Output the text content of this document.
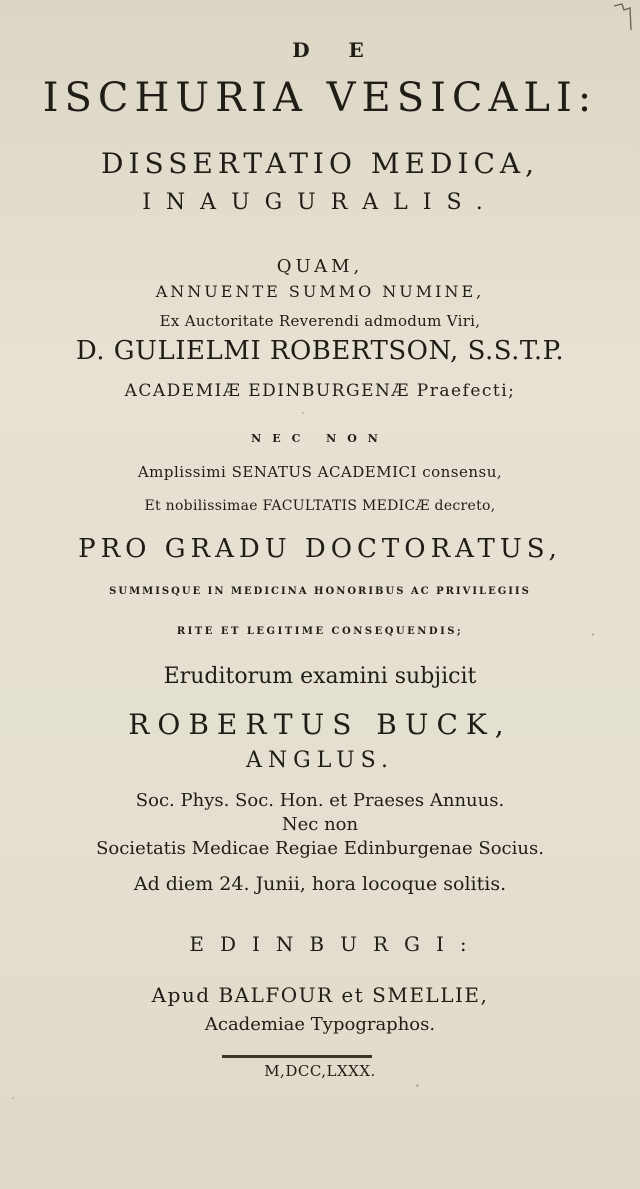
D E
ISCHURIA VESICALI:
DISSERTATIO MEDICA,
INAUGURALIS.
QUAM,
ANNUENTE SUMMO NUMINE,
Ex Auctoritate Reverendi admodum Viri,
D. GULIELMI ROBERTSON, S.S.T.P.
ACADEMIÆ EDINBURGENÆ Praefecti;
NEC NON
Amplissimi SENATUS ACADEMICI consensu,
Et nobilissimae FACULTATIS MEDICÆ decreto,
PRO GRADU DOCTORATUS,
SUMMISQUE IN MEDICINA HONORIBUS AC PRIVILEGIIS
RITE ET LEGITIME CONSEQUENDIS;
Eruditorum examini subjicit
ROBERTUS BUCK,
ANGLUS.
Soc. Phys. Soc. Hon. et Praeses Annuus.
Nec non
Societatis Medicae Regiae Edinburgenae Socius.
Ad diem 24. Junii, hora locoque solitis.
EDINBURGI:
Apud BALFOUR et SMELLIE,
Academiae Typographos.
M,DCC,LXXX.
